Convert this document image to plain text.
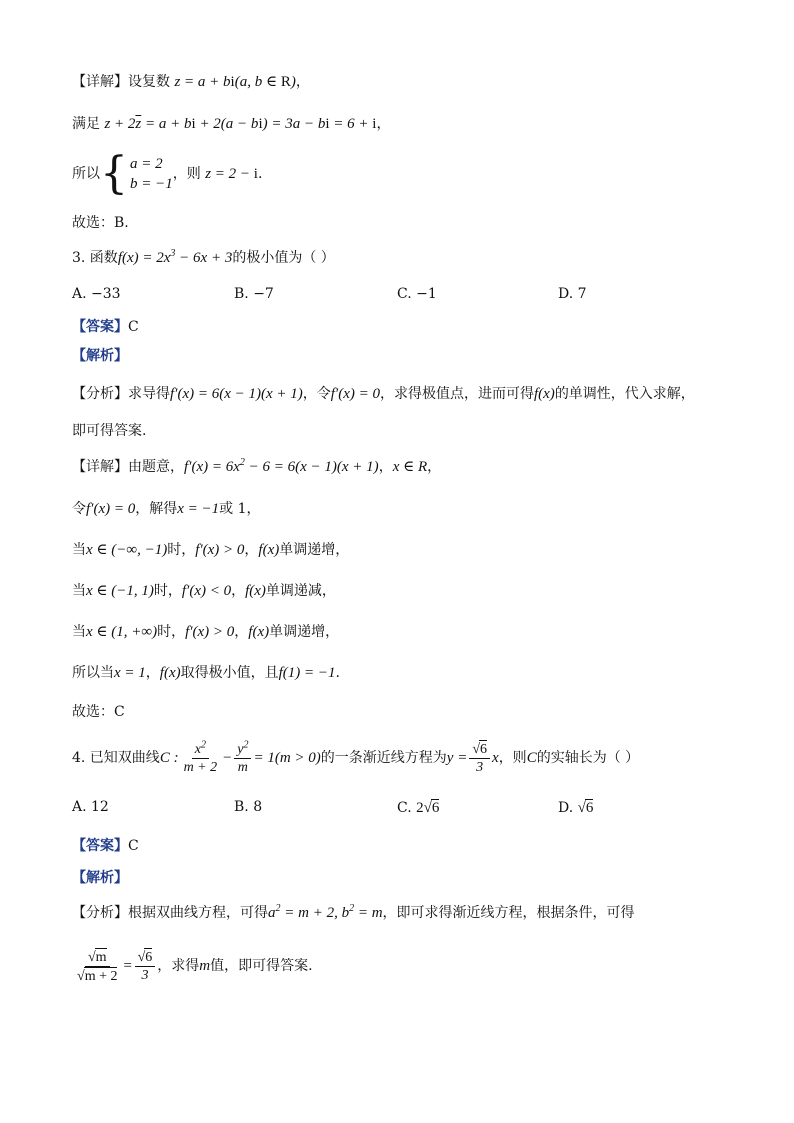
【详解】设复数 z = a + bi(a, b ∈ R)，
满足 $z + 2\overline{z} = a$ + bi + 2(a − bi) = 3a − bi = 6 + i，
所以 { a = 2
b = −1
，则 z = 2 − i.
故选：B.
3. 函数$f(x) = 2x^3 - 6x + 3$的极小值为（ ）
A. −33	B. −7	C. −1	D. 7
【答案】C
【解析】
【分析】求导得f′(x) = 6(x − 1)(x + 1)，令f′(x) = 0，求得极值点，进而可得f(x)的单调性，代入求解，
即可得答案.
【详解】由题意，$f'(x) = 6x^2 - 6 = 6(x - 1)(x + 1)$，x ∈ R，
令f′(x) = 0，解得x = −1或 1，
当x ∈ (−∞, −1)时，f′(x) > 0，f(x)单调递增，
当x ∈ (−1, 1)时，f′(x) < 0，f(x)单调递减，
当x ∈ (1, +∞)时，f′(x) > 0，f(x)单调递增，
所以当x = 1，f(x)取得极小值，且f(1) = −1.
故选：C
4. 已知双曲线C : $\frac{x^2}{m + 2} - \frac{y^2}{m} = 1(m > 0)$的一条渐近线方程为$y = \frac{√6}{3}$ x，则C的实轴长为（ ）
A. 12	B. 8	C. 2√6	D. √6
【答案】C
【解析】
【分析】根据双曲线方程，可得$a^2 = m + 2$, $b^2 = m$，即可求得渐近线方程，根据条件，可得
$\frac{√m}{√m + 2} = \frac{√6}{3}$ ，求得m值，即可得答案.
